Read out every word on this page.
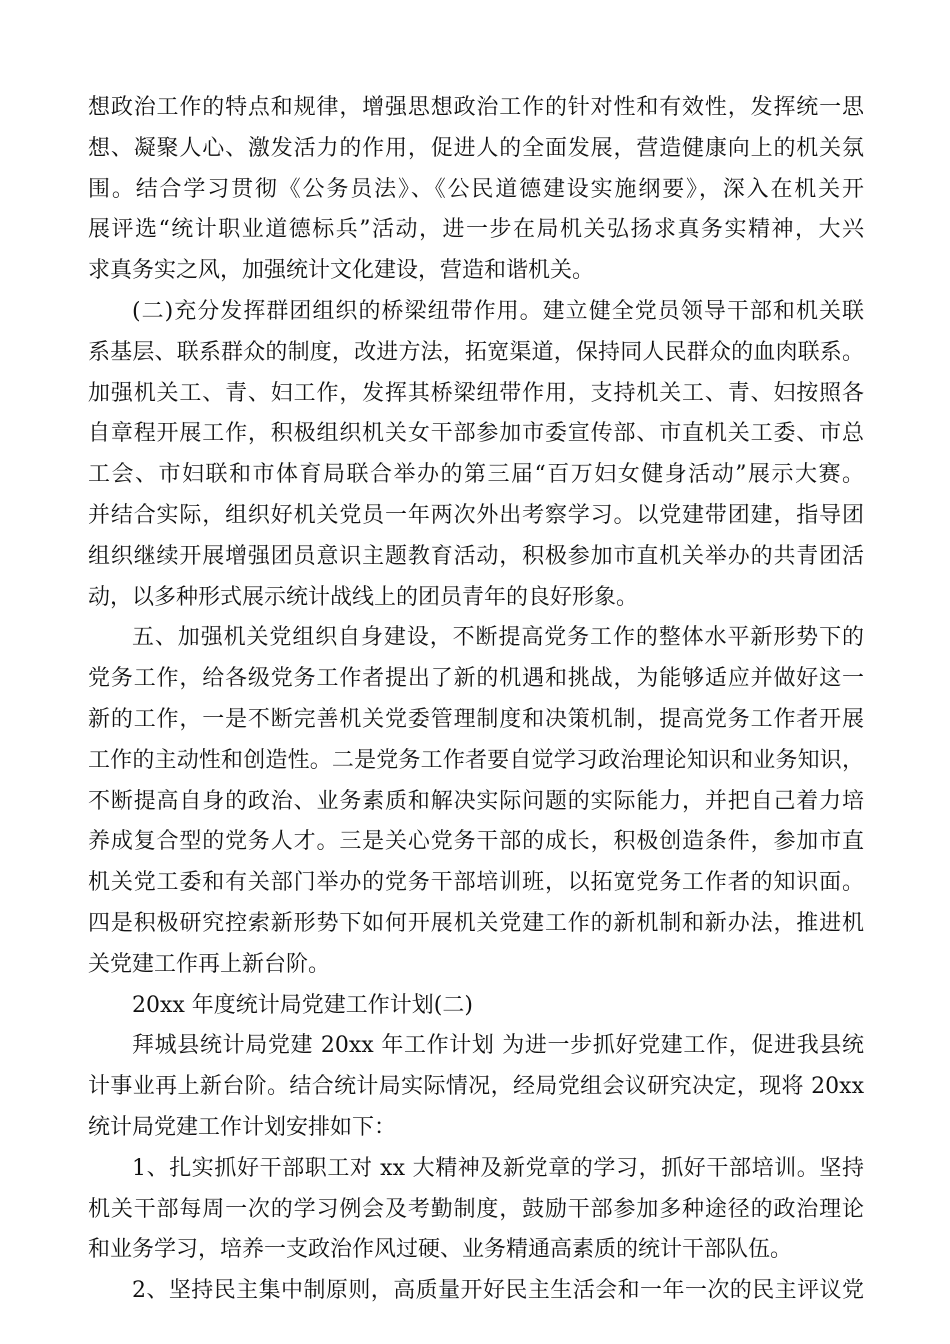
想政治工作的特点和规律，增强思想政治工作的针对性和有效性，发挥统一思
想、凝聚人心、激发活力的作用，促进人的全面发展，营造健康向上的机关氛
围。结合学习贯彻《公务员法》、《公民道德建设实施纲要》，深入在机关开
展评选“统计职业道德标兵”活动，进一步在局机关弘扬求真务实精神，大兴
求真务实之风，加强统计文化建设，营造和谐机关。
(二)充分发挥群团组织的桥梁纽带作用。建立健全党员领导干部和机关联
系基层、联系群众的制度，改进方法，拓宽渠道，保持同人民群众的血肉联系。
加强机关工、青、妇工作，发挥其桥梁纽带作用，支持机关工、青、妇按照各
自章程开展工作，积极组织机关女干部参加市委宣传部、市直机关工委、市总
工会、市妇联和市体育局联合举办的第三届“百万妇女健身活动”展示大赛。
并结合实际，组织好机关党员一年两次外出考察学习。以党建带团建，指导团
组织继续开展增强团员意识主题教育活动，积极参加市直机关举办的共青团活
动，以多种形式展示统计战线上的团员青年的良好形象。
五、加强机关党组织自身建设，不断提高党务工作的整体水平新形势下的
党务工作，给各级党务工作者提出了新的机遇和挑战，为能够适应并做好这一
新的工作，一是不断完善机关党委管理制度和决策机制，提高党务工作者开展
工作的主动性和创造性。二是党务工作者要自觉学习政治理论知识和业务知识，
不断提高自身的政治、业务素质和解决实际问题的实际能力，并把自己着力培
养成复合型的党务人才。三是关心党务干部的成长，积极创造条件，参加市直
机关党工委和有关部门举办的党务干部培训班，以拓宽党务工作者的知识面。
四是积极研究控索新形势下如何开展机关党建工作的新机制和新办法，推进机
关党建工作再上新台阶。
20xx 年度统计局党建工作计划(二)
拜城县统计局党建 20xx 年工作计划 为进一步抓好党建工作，促进我县统
计事业再上新台阶。结合统计局实际情况，经局党组会议研究决定，现将 20xx
统计局党建工作计划安排如下：
1、扎实抓好干部职工对 xx 大精神及新党章的学习，抓好干部培训。坚持
机关干部每周一次的学习例会及考勤制度，鼓励干部参加多种途径的政治理论
和业务学习，培养一支政治作风过硬、业务精通高素质的统计干部队伍。
2、坚持民主集中制原则，高质量开好民主生活会和一年一次的民主评议党
